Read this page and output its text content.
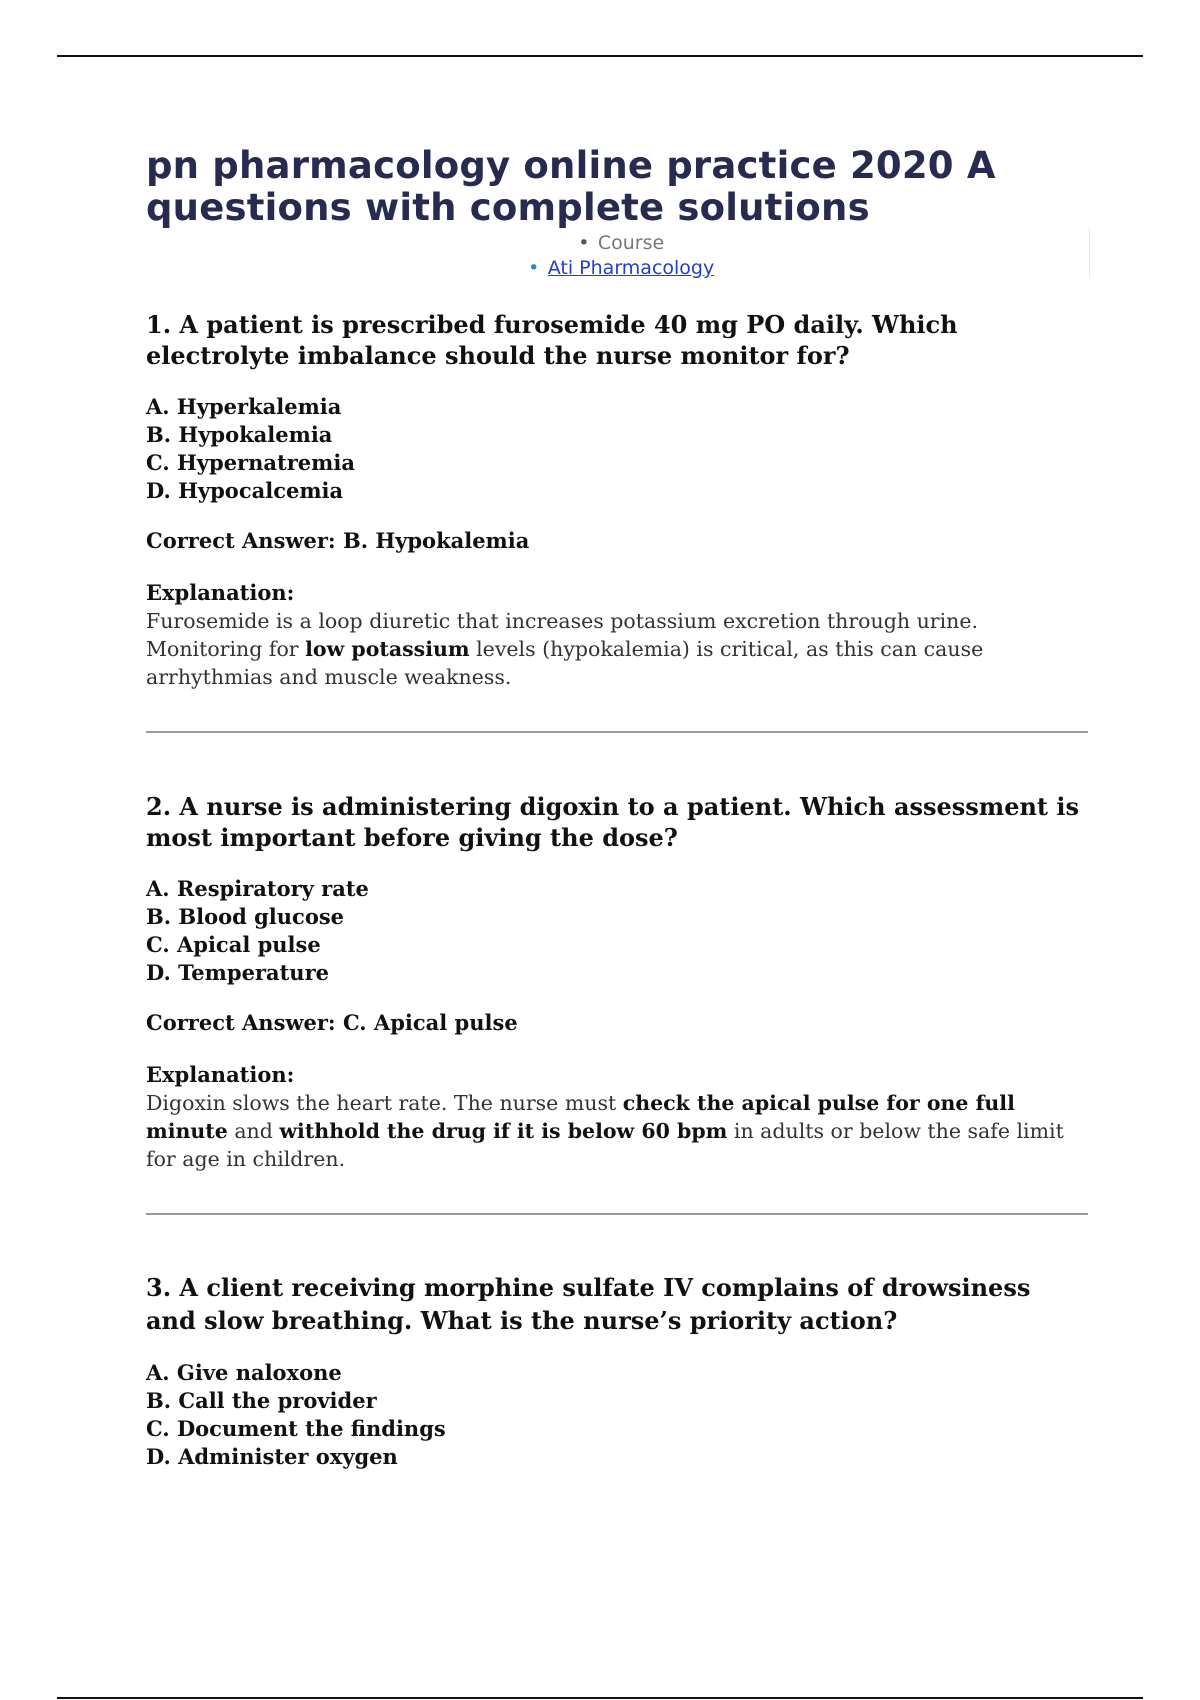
pn pharmacology online practice 2020 A questions with complete solutions
• Course
• Ati Pharmacology
1. A patient is prescribed furosemide 40 mg PO daily. Which electrolyte imbalance should the nurse monitor for?
A. Hyperkalemia
B. Hypokalemia
C. Hypernatremia
D. Hypocalcemia

Correct Answer: B. Hypokalemia

Explanation:

Furosemide is a loop diuretic that increases potassium excretion through urine. Monitoring for low potassium levels (hypokalemia) is critical, as this can cause arrhythmias and muscle weakness.

2. A nurse is administering digoxin to a patient. Which assessment is most important before giving the dose?
A. Respiratory rate
B. Blood glucose
C. Apical pulse
D. Temperature

Correct Answer: C. Apical pulse

Explanation:

Digoxin slows the heart rate. The nurse must check the apical pulse for one full minute and withhold the drug if it is below 60 bpm in adults or below the safe limit for age in children.

3. A client receiving morphine sulfate IV complains of drowsiness and slow breathing. What is the nurse’s priority action?
A. Give naloxone
B. Call the provider
C. Document the findings
D. Administer oxygen
